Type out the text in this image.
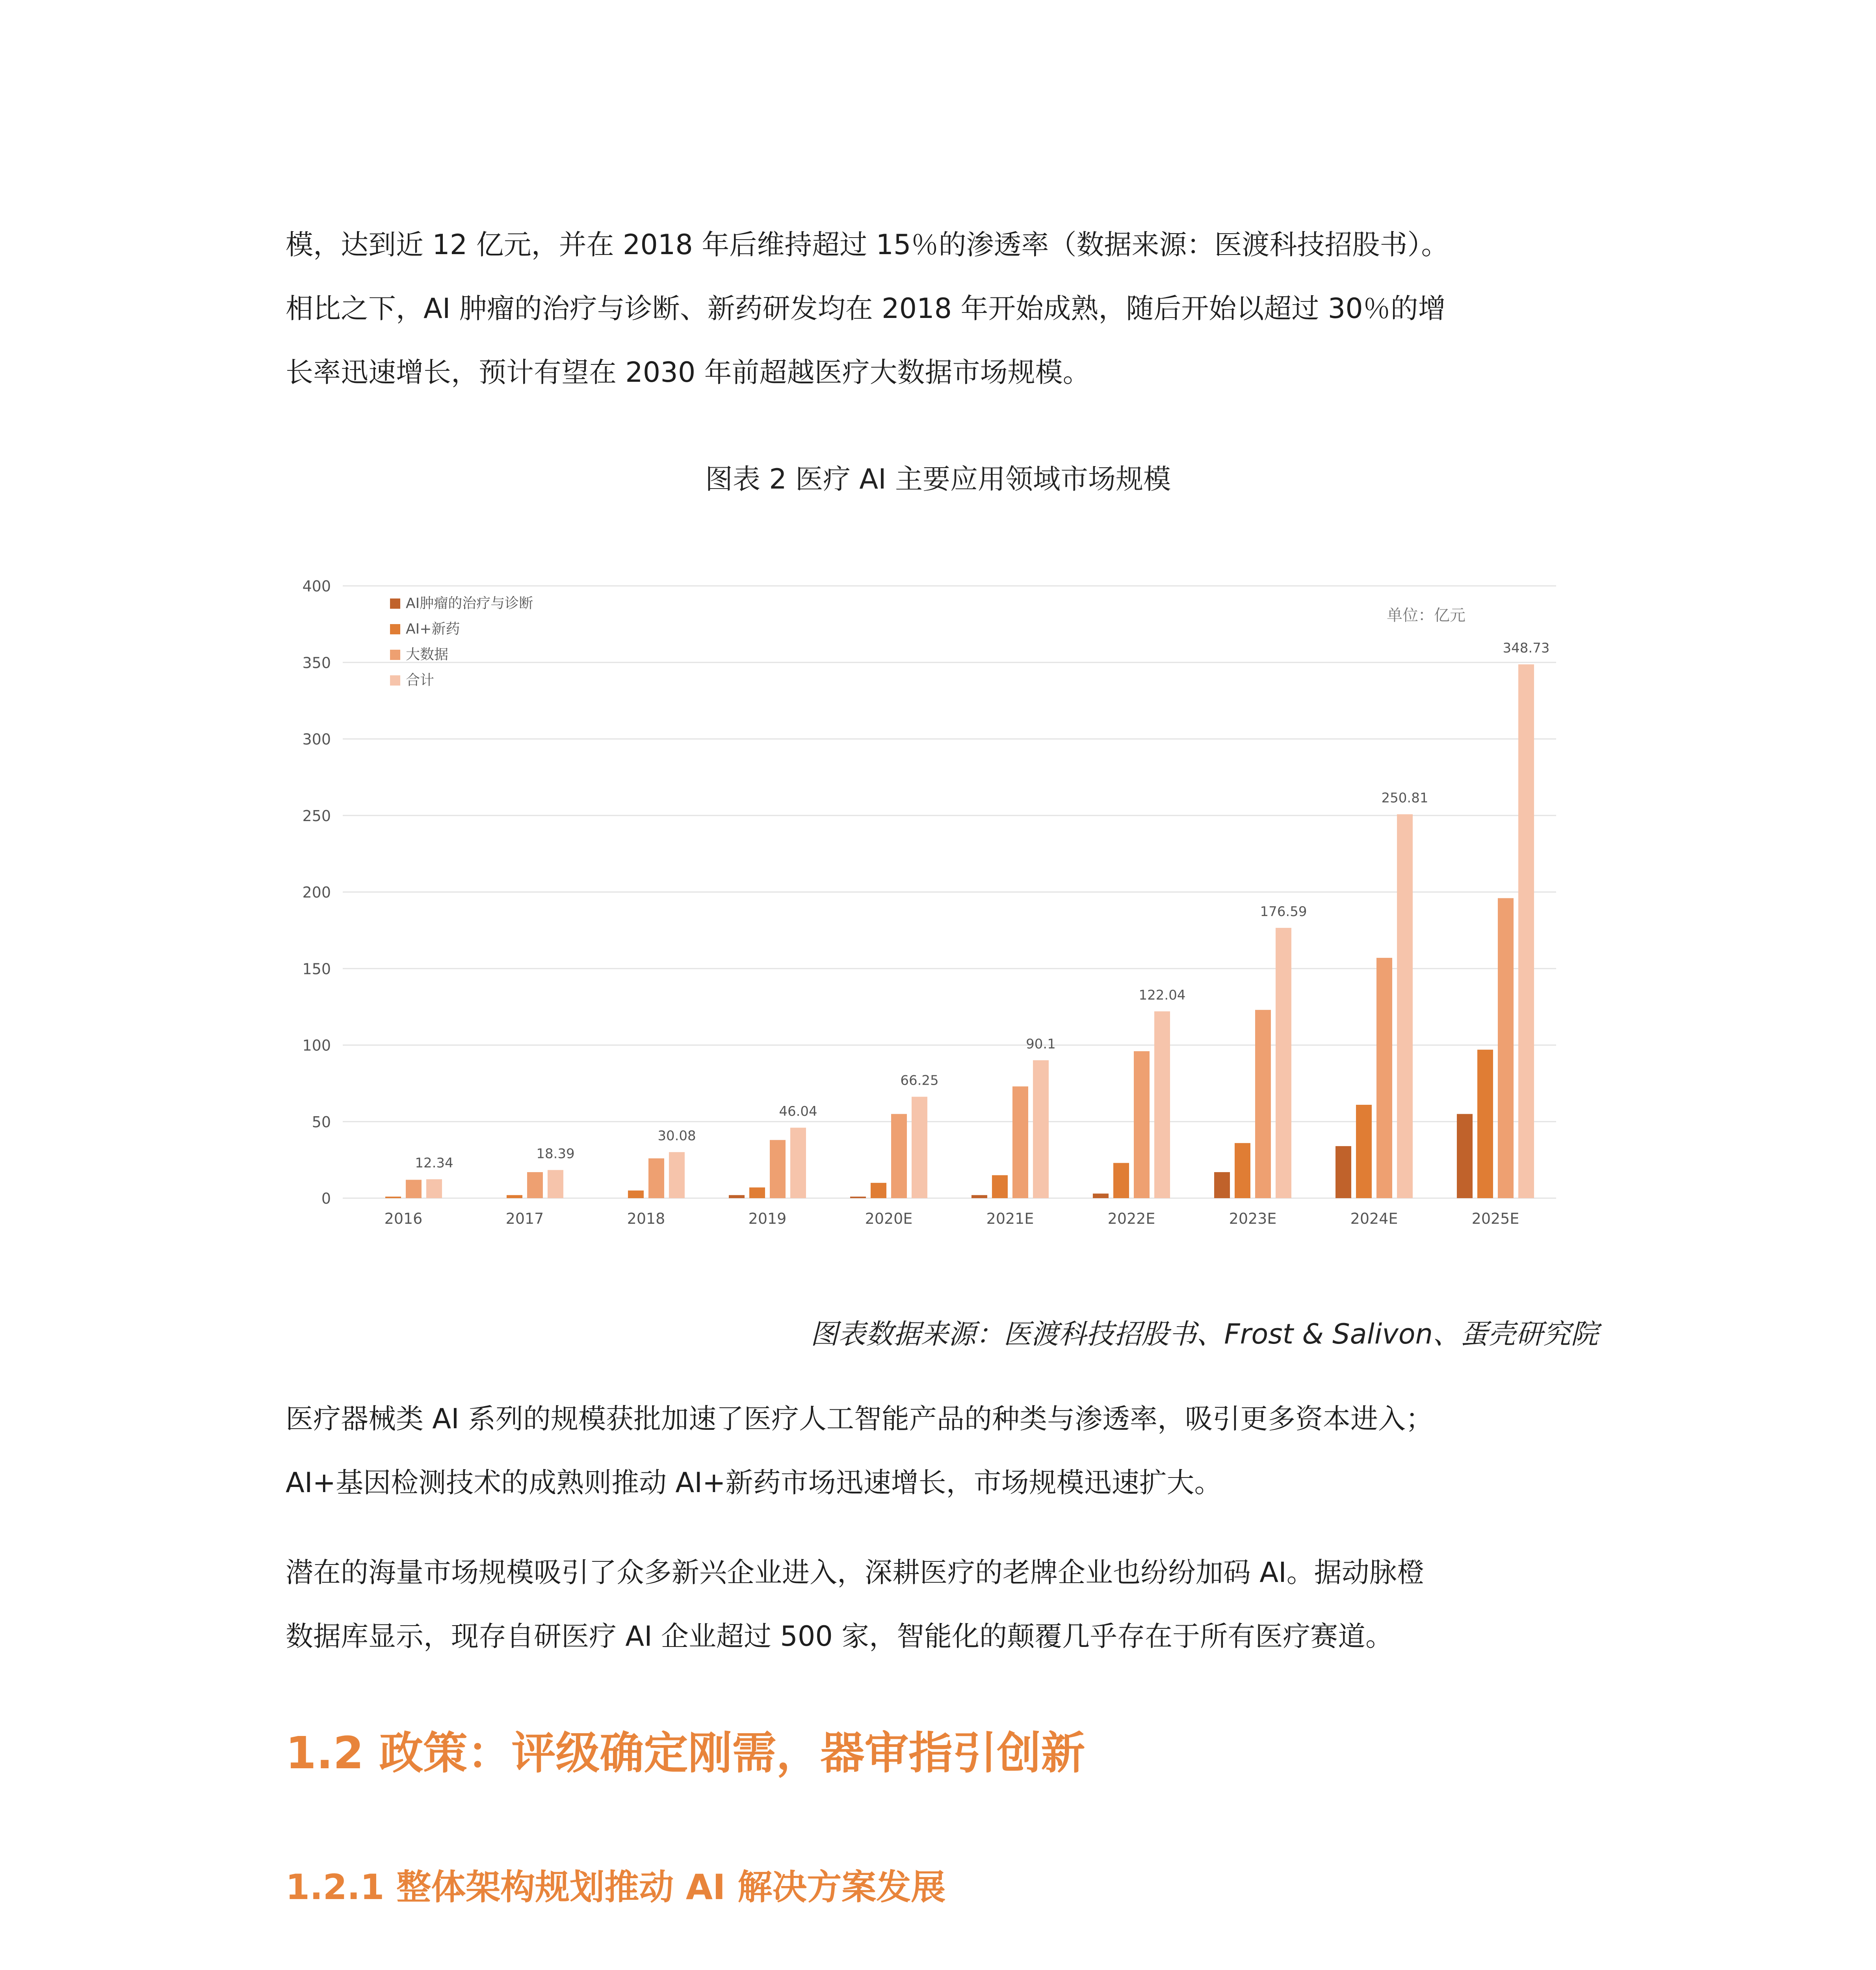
模，达到近 12 亿元，并在 2018 年后维持超过 15％的渗透率（数据来源：医渡科技招股书）。
相比之下，AI 肿瘤的治疗与诊断、新药研发均在 2018 年开始成熟，随后开始以超过 30％的增
长率迅速增长，预计有望在 2030 年前超越医疗大数据市场规模。
图表 2 医疗 AI 主要应用领域市场规模
0
50
100
150
200
250
300
350
400
2016
12.34
2017
18.39
2018
30.08
2019
46.04
2020E
66.25
2021E
90.1
2022E
122.04
2023E
176.59
2024E
250.81
2025E
348.73
AI肿瘤的治疗与诊断
AI+新药
大数据
合计
单位：亿元
图表数据来源：医渡科技招股书、Frost & Salivon、蛋壳研究院
医疗器械类 AI 系列的规模获批加速了医疗人工智能产品的种类与渗透率，吸引更多资本进入；
AI+基因检测技术的成熟则推动 AI+新药市场迅速增长，市场规模迅速扩大。
潜在的海量市场规模吸引了众多新兴企业进入，深耕医疗的老牌企业也纷纷加码 AI。据动脉橙
数据库显示，现存自研医疗 AI 企业超过 500 家，智能化的颠覆几乎存在于所有医疗赛道。
1.2 政策：评级确定刚需，器审指引创新
1.2.1 整体架构规划推动 AI 解决方案发展
